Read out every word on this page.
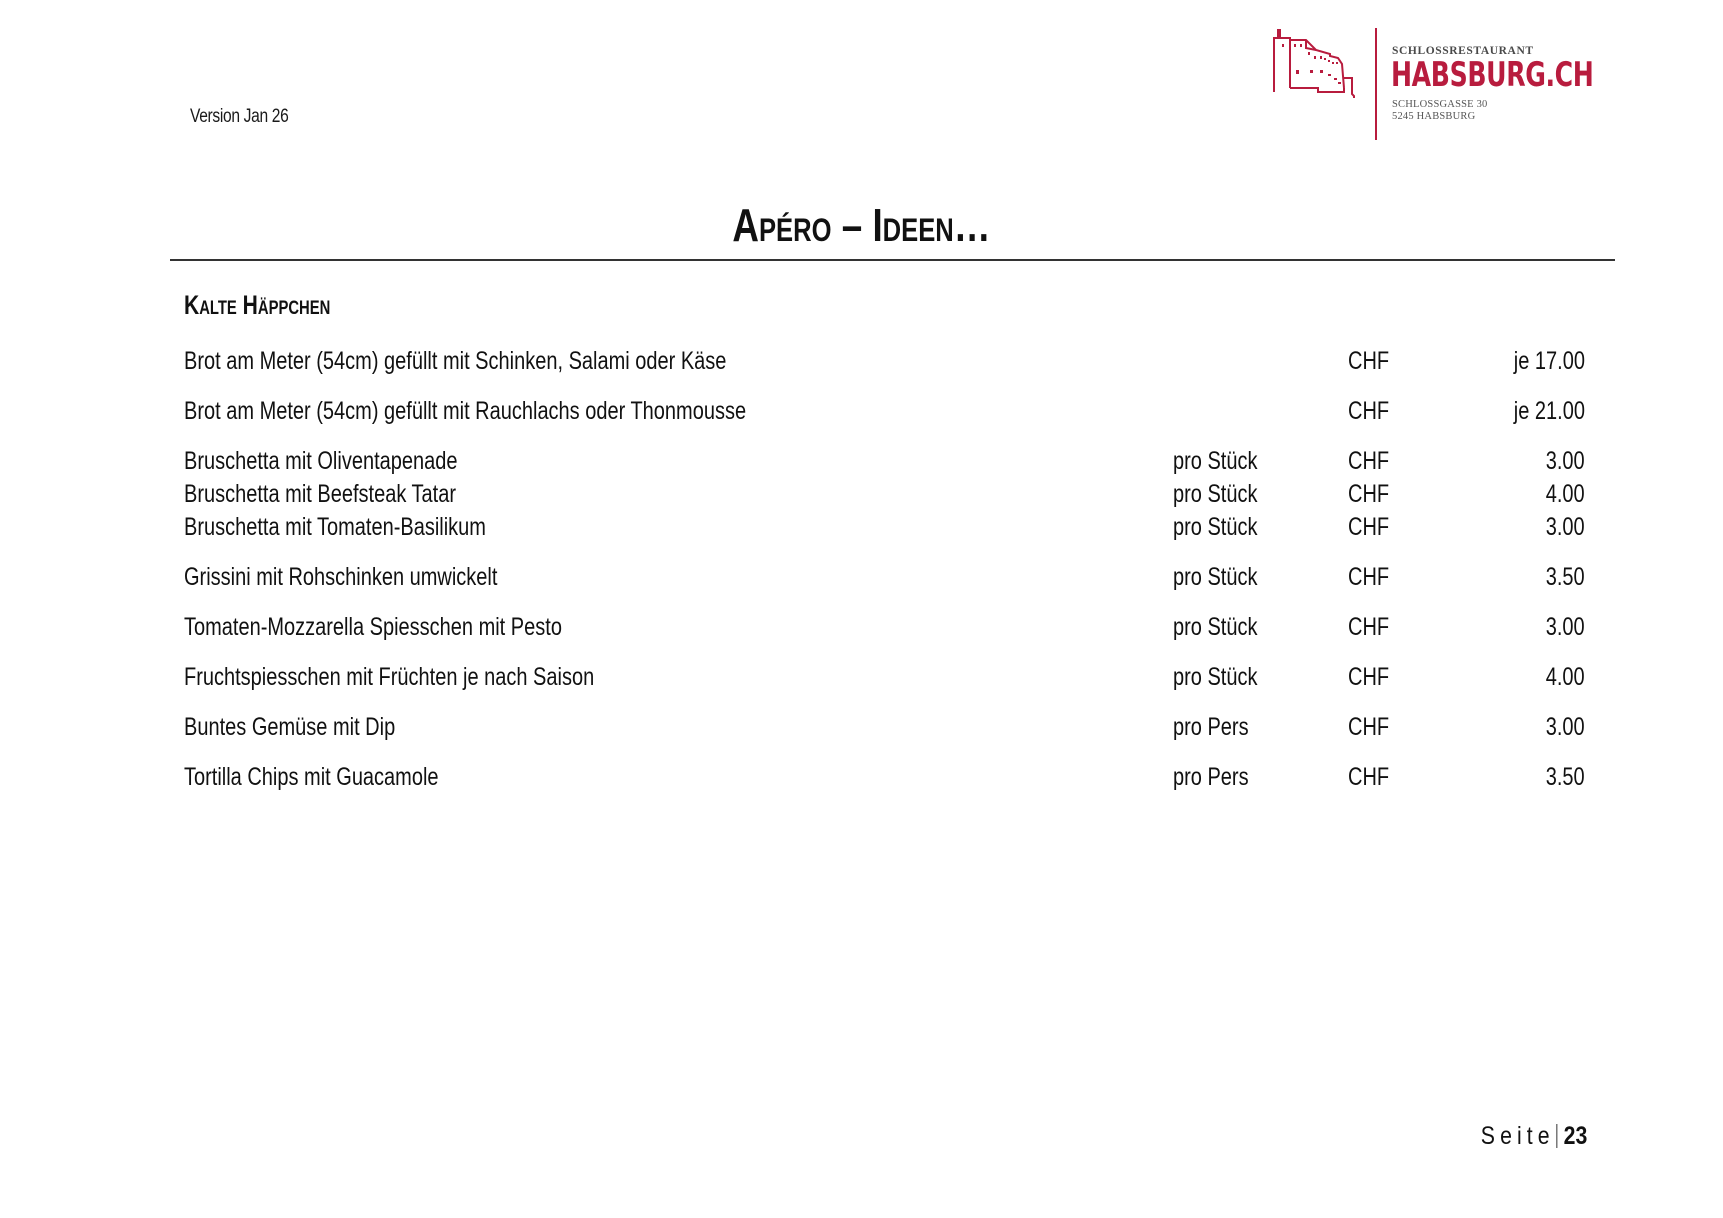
Version Jan 26
SCHLOSSRESTAURANT
HABSBURG.CH
SCHLOSSGASSE 30
5245 HABSBURG
Apéro – Ideen…
Kalte Häppchen
Brot am Meter (54cm) gefüllt mit Schinken, Salami oder Käse	CHF	je 17.00
Brot am Meter (54cm) gefüllt mit Rauchlachs oder Thonmousse	CHF	je 21.00
Bruschetta mit Oliventapenade	pro Stück	CHF	3.00
Bruschetta mit Beefsteak Tatar	pro Stück	CHF	4.00
Bruschetta mit Tomaten-Basilikum	pro Stück	CHF	3.00
Grissini mit Rohschinken umwickelt	pro Stück	CHF	3.50
Tomaten-Mozzarella Spiesschen mit Pesto	pro Stück	CHF	3.00
Fruchtspiesschen mit Früchten je nach Saison	pro Stück	CHF	4.00
Buntes Gemüse mit Dip	pro Pers	CHF	3.00
Tortilla Chips mit Guacamole	pro Pers	CHF	3.50
Seite 23
